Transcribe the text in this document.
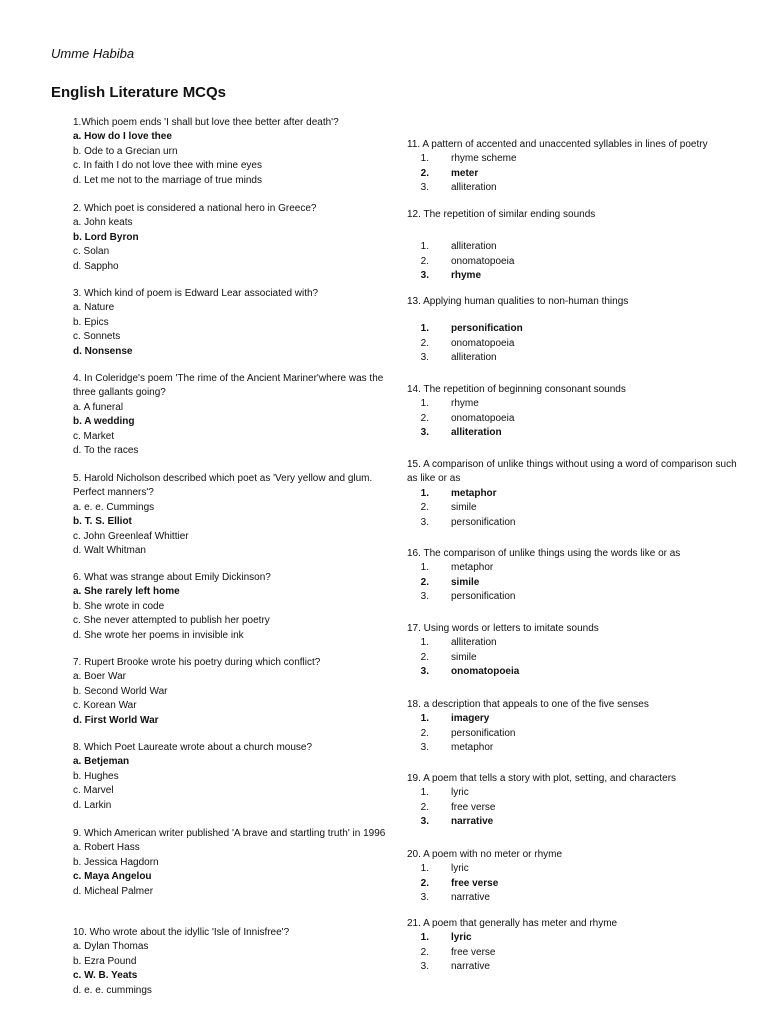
Umme Habiba
English Literature MCQs
1.Which poem ends 'I shall but love thee better after death'?
a. How do I love thee
b. Ode to a Grecian urn
c. In faith I do not love thee with mine eyes
d. Let me not to the marriage of true minds
2. Which poet is considered a national hero in Greece?
a. John keats
b. Lord Byron
c. Solan
d. Sappho
3. Which kind of poem is Edward Lear associated with?
a. Nature
b. Epics
c. Sonnets
d. Nonsense
4. In Coleridge's poem 'The rime of the Ancient Mariner'where was the three gallants going?
a. A funeral
b. A wedding
c. Market
d. To the races
5. Harold Nicholson described which poet as 'Very yellow and glum. Perfect manners'?
a. e. e. Cummings
b. T. S. Elliot
c. John Greenleaf Whittier
d. Walt Whitman
6. What was strange about Emily Dickinson?
a. She rarely left home
b. She wrote in code
c. She never attempted to publish her poetry
d. She wrote her poems in invisible ink
7. Rupert Brooke wrote his poetry during which conflict?
a. Boer War
b. Second World War
c. Korean War
d. First World War
8. Which Poet Laureate wrote about a church mouse?
a. Betjeman
b. Hughes
c. Marvel
d. Larkin
9. Which American writer published 'A brave and startling truth' in 1996
a. Robert Hass
b. Jessica Hagdorn
c. Maya Angelou
d. Micheal Palmer
10. Who wrote about the idyllic 'Isle of Innisfree'?
a. Dylan Thomas
b. Ezra Pound
c. W. B. Yeats
d. e. e. cummings
11. A pattern of accented and unaccented syllables in lines of poetry
1.	rhyme scheme
2.	meter
3.	alliteration
12. The repetition of similar ending sounds
1.	alliteration
2.	onomatopoeia
3.	rhyme
13. Applying human qualities to non-human things
1.	personification
2.	onomatopoeia
3.	alliteration
14. The repetition of beginning consonant sounds
1.	rhyme
2.	onomatopoeia
3.	alliteration
15. A comparison of unlike things without using a word of comparison such as like or as
1.	metaphor
2.	simile
3.	personification
16. The comparison of unlike things using the words like or as
1.	metaphor
2.	simile
3.	personification
17. Using words or letters to imitate sounds
1.	alliteration
2.	simile
3.	onomatopoeia
18. a description that appeals to one of the five senses
1.	imagery
2.	personification
3.	metaphor
19. A poem that tells a story with plot, setting, and characters
1.	lyric
2.	free verse
3.	narrative
20. A poem with no meter or rhyme
1.	lyric
2.	free verse
3.	narrative
21. A poem that generally has meter and rhyme
1.	lyric
2.	free verse
3.	narrative
